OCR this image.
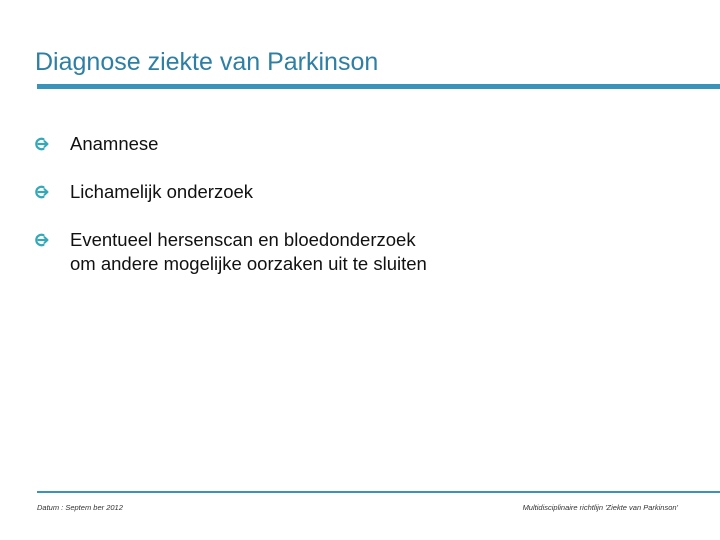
Diagnose ziekte van Parkinson
Anamnese
Lichamelijk onderzoek
Eventueel hersenscan en bloedonderzoek
om andere mogelijke oorzaken uit te sluiten
Datum : Septem ber 2012	Multidisciplinaire richtlijn 'Ziekte van Parkinson'
